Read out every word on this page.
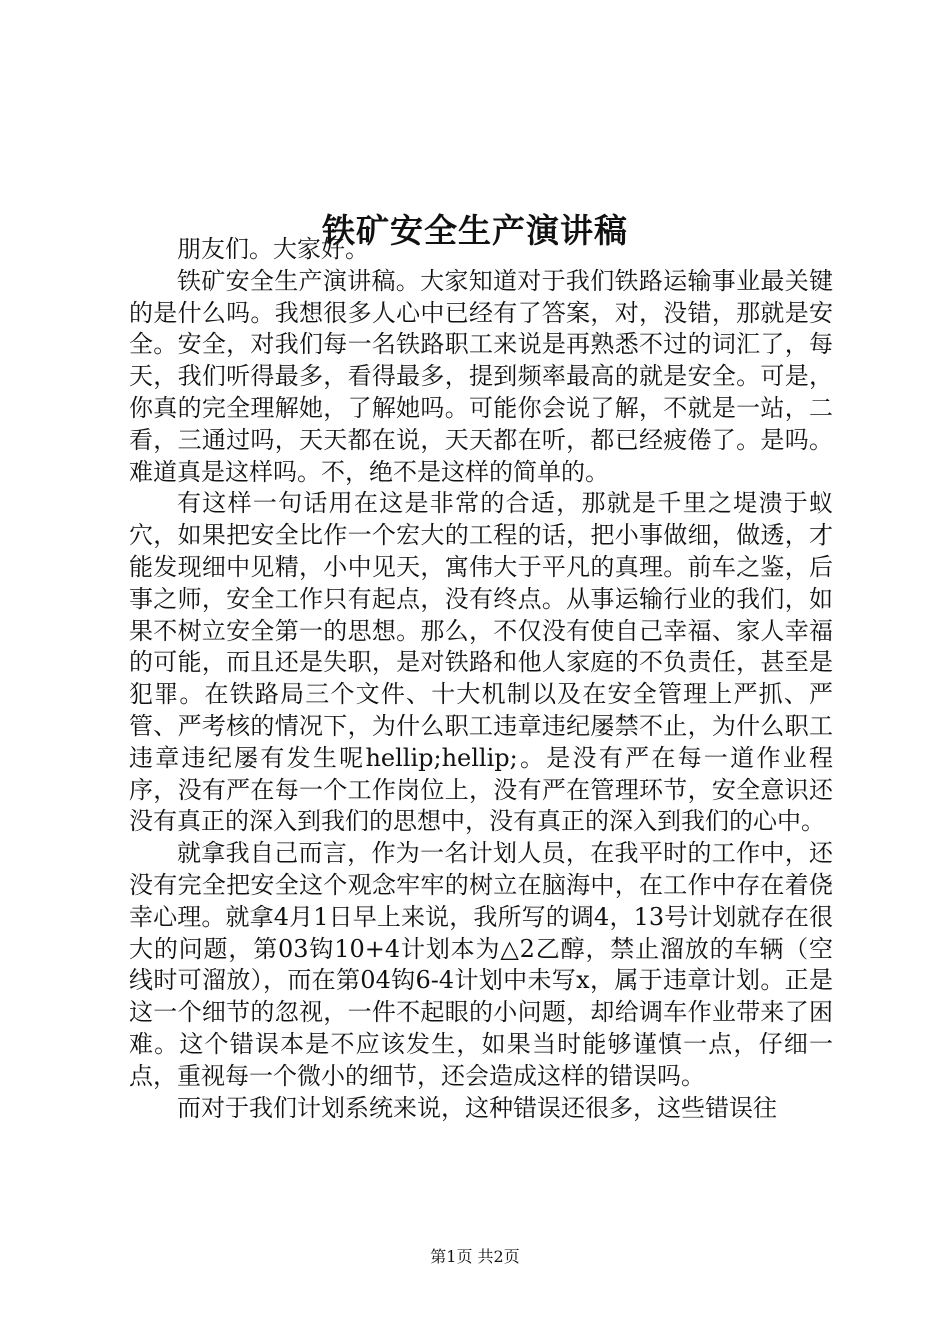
铁矿安全生产演讲稿

朋友们。大家好。

铁矿安全生产演讲稿。大家知道对于我们铁路运输事业最关键的是什么吗。我想很多人心中已经有了答案，对，没错，那就是安全。安全，对我们每一名铁路职工来说是再熟悉不过的词汇了，每天，我们听得最多，看得最多，提到频率最高的就是安全。可是，你真的完全理解她，了解她吗。可能你会说了解，不就是一站，二看，三通过吗，天天都在说，天天都在听，都已经疲倦了。是吗。难道真是这样吗。不，绝不是这样的简单的。

有这样一句话用在这是非常的合适，那就是千里之堤溃于蚁穴，如果把安全比作一个宏大的工程的话，把小事做细，做透，才能发现细中见精，小中见天，寓伟大于平凡的真理。前车之鉴，后事之师，安全工作只有起点，没有终点。从事运输行业的我们，如果不树立安全第一的思想。那么，不仅没有使自己幸福、家人幸福的可能，而且还是失职，是对铁路和他人家庭的不负责任，甚至是犯罪。在铁路局三个文件、十大机制以及在安全管理上严抓、严管、严考核的情况下，为什么职工违章违纪屡禁不止，为什么职工违章违纪屡有发生呢hellip;hellip;。是没有严在每一道作业程序，没有严在每一个工作岗位上，没有严在管理环节，安全意识还没有真正的深入到我们的思想中，没有真正的深入到我们的心中。

就拿我自己而言，作为一名计划人员，在我平时的工作中，还没有完全把安全这个观念牢牢的树立在脑海中，在工作中存在着侥幸心理。就拿4月1日早上来说，我所写的调4，13号计划就存在很大的问题，第03钩10+4计划本为△2乙醇，禁止溜放的车辆（空线时可溜放），而在第04钩6-4计划中未写x，属于违章计划。正是这一个细节的忽视，一件不起眼的小问题，却给调车作业带来了困难。这个错误本是不应该发生，如果当时能够谨慎一点，仔细一点，重视每一个微小的细节，还会造成这样的错误吗。

而对于我们计划系统来说，这种错误还很多，这些错误往

第1页 共2页
